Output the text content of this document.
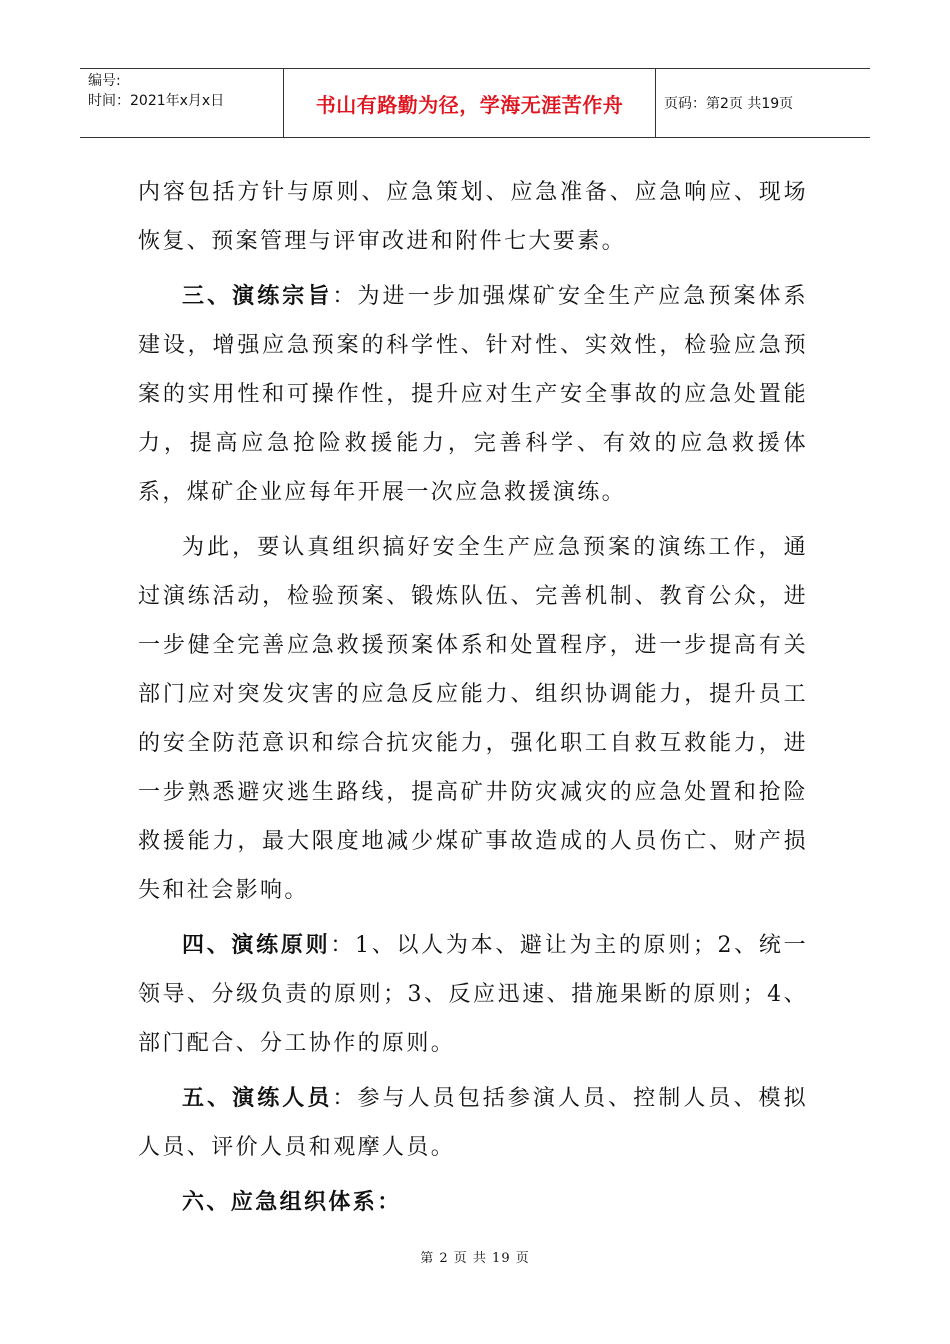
编号:
时间：2021年x月x日	书山有路勤为径，学海无涯苦作舟	页码：第2页 共19页

内容包括方针与原则、应急策划、应急准备、应急响应、现场恢复、预案管理与评审改进和附件七大要素。

三、演练宗旨：为进一步加强煤矿安全生产应急预案体系建设，增强应急预案的科学性、针对性、实效性，检验应急预案的实用性和可操作性，提升应对生产安全事故的应急处置能力，提高应急抢险救援能力，完善科学、有效的应急救援体系，煤矿企业应每年开展一次应急救援演练。

为此，要认真组织搞好安全生产应急预案的演练工作，通过演练活动，检验预案、锻炼队伍、完善机制、教育公众，进一步健全完善应急救援预案体系和处置程序，进一步提高有关部门应对突发灾害的应急反应能力、组织协调能力，提升员工的安全防范意识和综合抗灾能力，强化职工自救互救能力，进一步熟悉避灾逃生路线，提高矿井防灾减灾的应急处置和抢险救援能力，最大限度地减少煤矿事故造成的人员伤亡、财产损失和社会影响。

四、演练原则：1、以人为本、避让为主的原则；2、统一领导、分级负责的原则；3、反应迅速、措施果断的原则；4、部门配合、分工协作的原则。

五、演练人员：参与人员包括参演人员、控制人员、模拟人员、评价人员和观摩人员。

六、应急组织体系：

第 2 页 共 19 页
